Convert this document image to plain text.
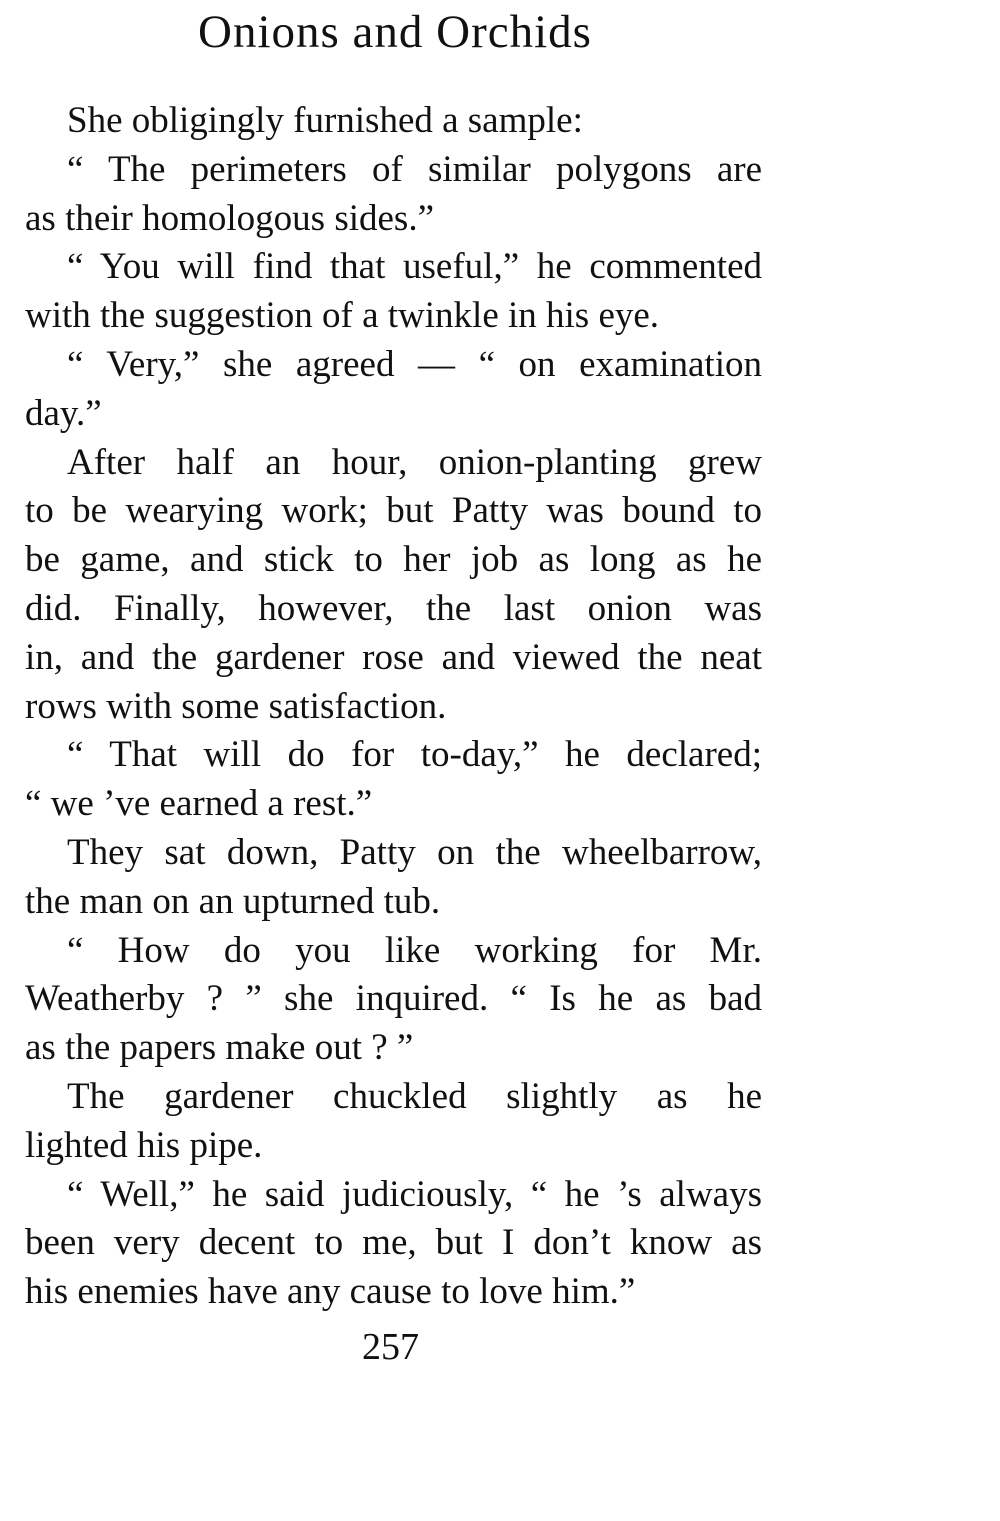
Onions and Orchids
She obligingly furnished a sample:
“ The perimeters of similar polygons are
as their homologous sides.”
“ You will find that useful,” he commented
with the suggestion of a twinkle in his eye.
“ Very,” she agreed — “ on examination
day.”
After half an hour, onion-planting grew
to be wearying work; but Patty was bound to
be game, and stick to her job as long as he
did. Finally, however, the last onion was
in, and the gardener rose and viewed the neat
rows with some satisfaction.
“ That will do for to-day,” he declared;
“ we ’ve earned a rest.”
They sat down, Patty on the wheelbarrow,
the man on an upturned tub.
“ How do you like working for Mr.
Weatherby ? ” she inquired. “ Is he as bad
as the papers make out ? ”
The gardener chuckled slightly as he
lighted his pipe.
“ Well,” he said judiciously, “ he ’s always
been very decent to me, but I don’t know as
his enemies have any cause to love him.”
257
